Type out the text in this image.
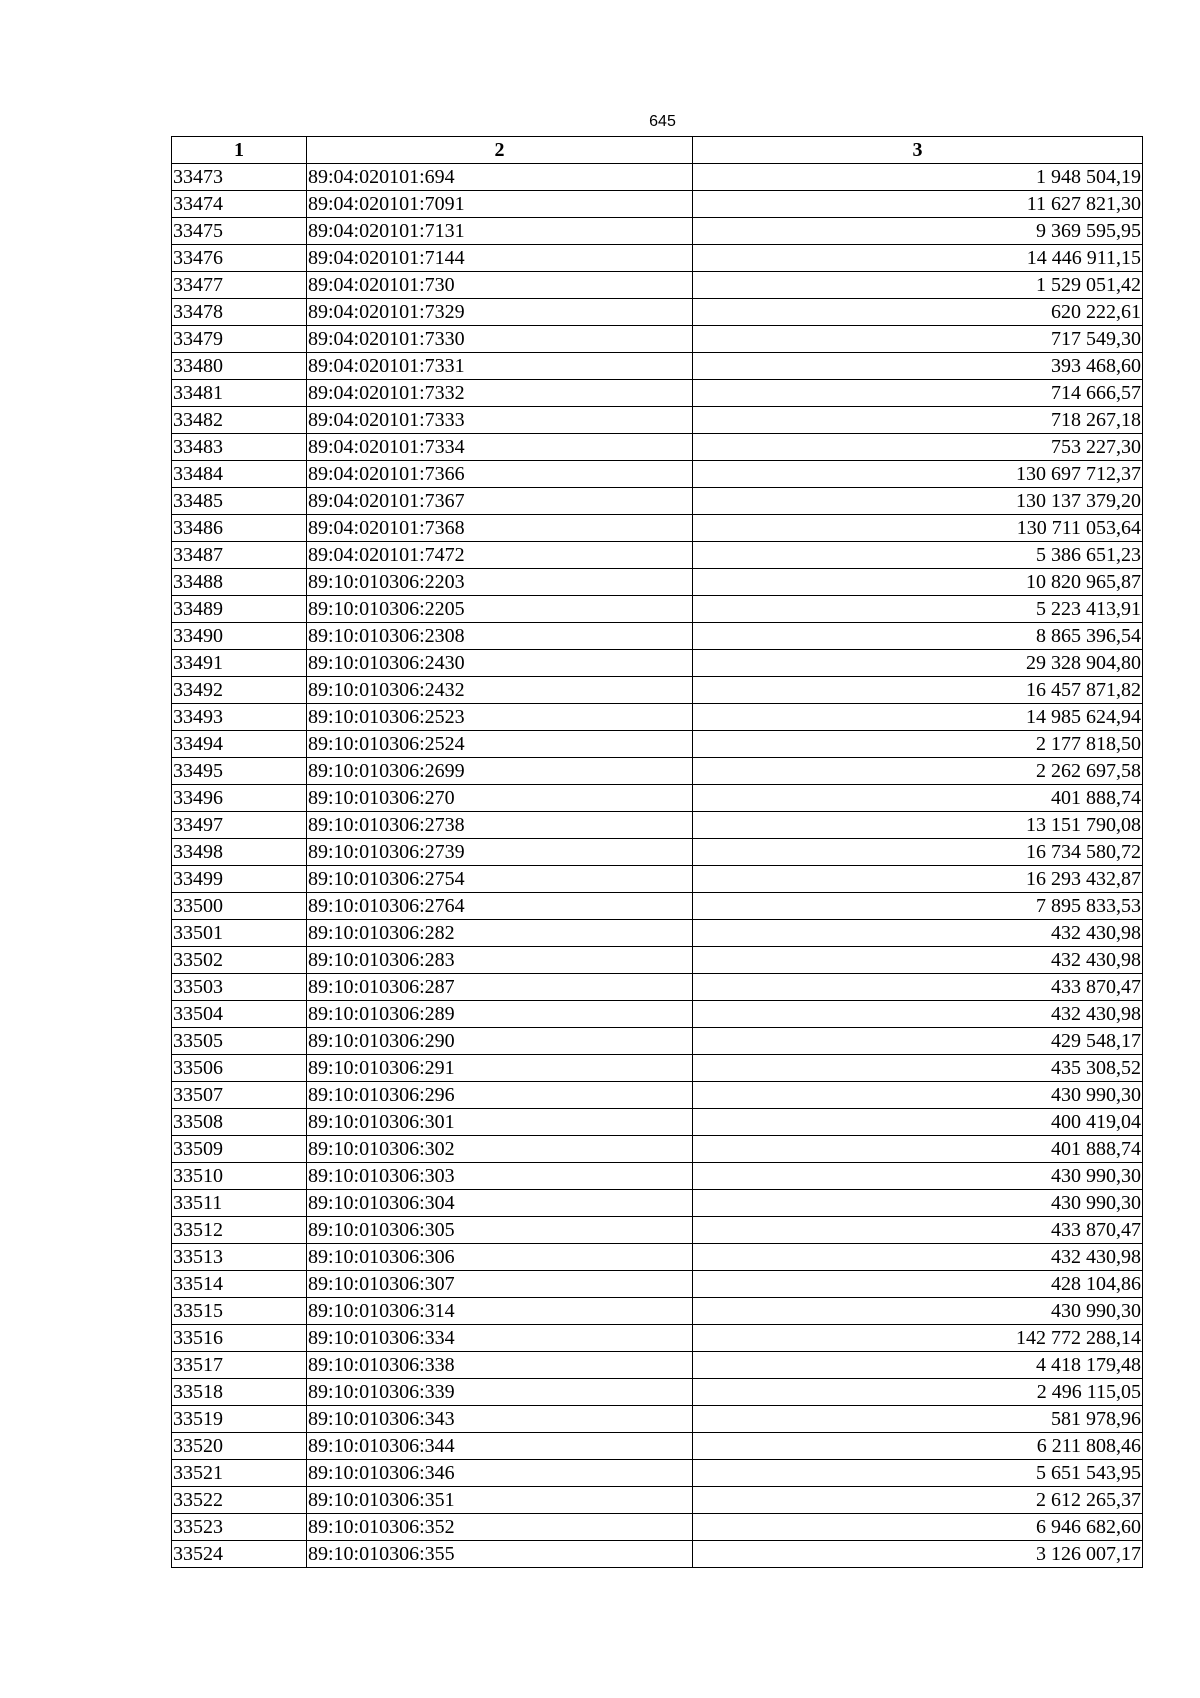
645
1	2	3
33473	89:04:020101:694	1 948 504,19
33474	89:04:020101:7091	11 627 821,30
33475	89:04:020101:7131	9 369 595,95
33476	89:04:020101:7144	14 446 911,15
33477	89:04:020101:730	1 529 051,42
33478	89:04:020101:7329	620 222,61
33479	89:04:020101:7330	717 549,30
33480	89:04:020101:7331	393 468,60
33481	89:04:020101:7332	714 666,57
33482	89:04:020101:7333	718 267,18
33483	89:04:020101:7334	753 227,30
33484	89:04:020101:7366	130 697 712,37
33485	89:04:020101:7367	130 137 379,20
33486	89:04:020101:7368	130 711 053,64
33487	89:04:020101:7472	5 386 651,23
33488	89:10:010306:2203	10 820 965,87
33489	89:10:010306:2205	5 223 413,91
33490	89:10:010306:2308	8 865 396,54
33491	89:10:010306:2430	29 328 904,80
33492	89:10:010306:2432	16 457 871,82
33493	89:10:010306:2523	14 985 624,94
33494	89:10:010306:2524	2 177 818,50
33495	89:10:010306:2699	2 262 697,58
33496	89:10:010306:270	401 888,74
33497	89:10:010306:2738	13 151 790,08
33498	89:10:010306:2739	16 734 580,72
33499	89:10:010306:2754	16 293 432,87
33500	89:10:010306:2764	7 895 833,53
33501	89:10:010306:282	432 430,98
33502	89:10:010306:283	432 430,98
33503	89:10:010306:287	433 870,47
33504	89:10:010306:289	432 430,98
33505	89:10:010306:290	429 548,17
33506	89:10:010306:291	435 308,52
33507	89:10:010306:296	430 990,30
33508	89:10:010306:301	400 419,04
33509	89:10:010306:302	401 888,74
33510	89:10:010306:303	430 990,30
33511	89:10:010306:304	430 990,30
33512	89:10:010306:305	433 870,47
33513	89:10:010306:306	432 430,98
33514	89:10:010306:307	428 104,86
33515	89:10:010306:314	430 990,30
33516	89:10:010306:334	142 772 288,14
33517	89:10:010306:338	4 418 179,48
33518	89:10:010306:339	2 496 115,05
33519	89:10:010306:343	581 978,96
33520	89:10:010306:344	6 211 808,46
33521	89:10:010306:346	5 651 543,95
33522	89:10:010306:351	2 612 265,37
33523	89:10:010306:352	6 946 682,60
33524	89:10:010306:355	3 126 007,17
